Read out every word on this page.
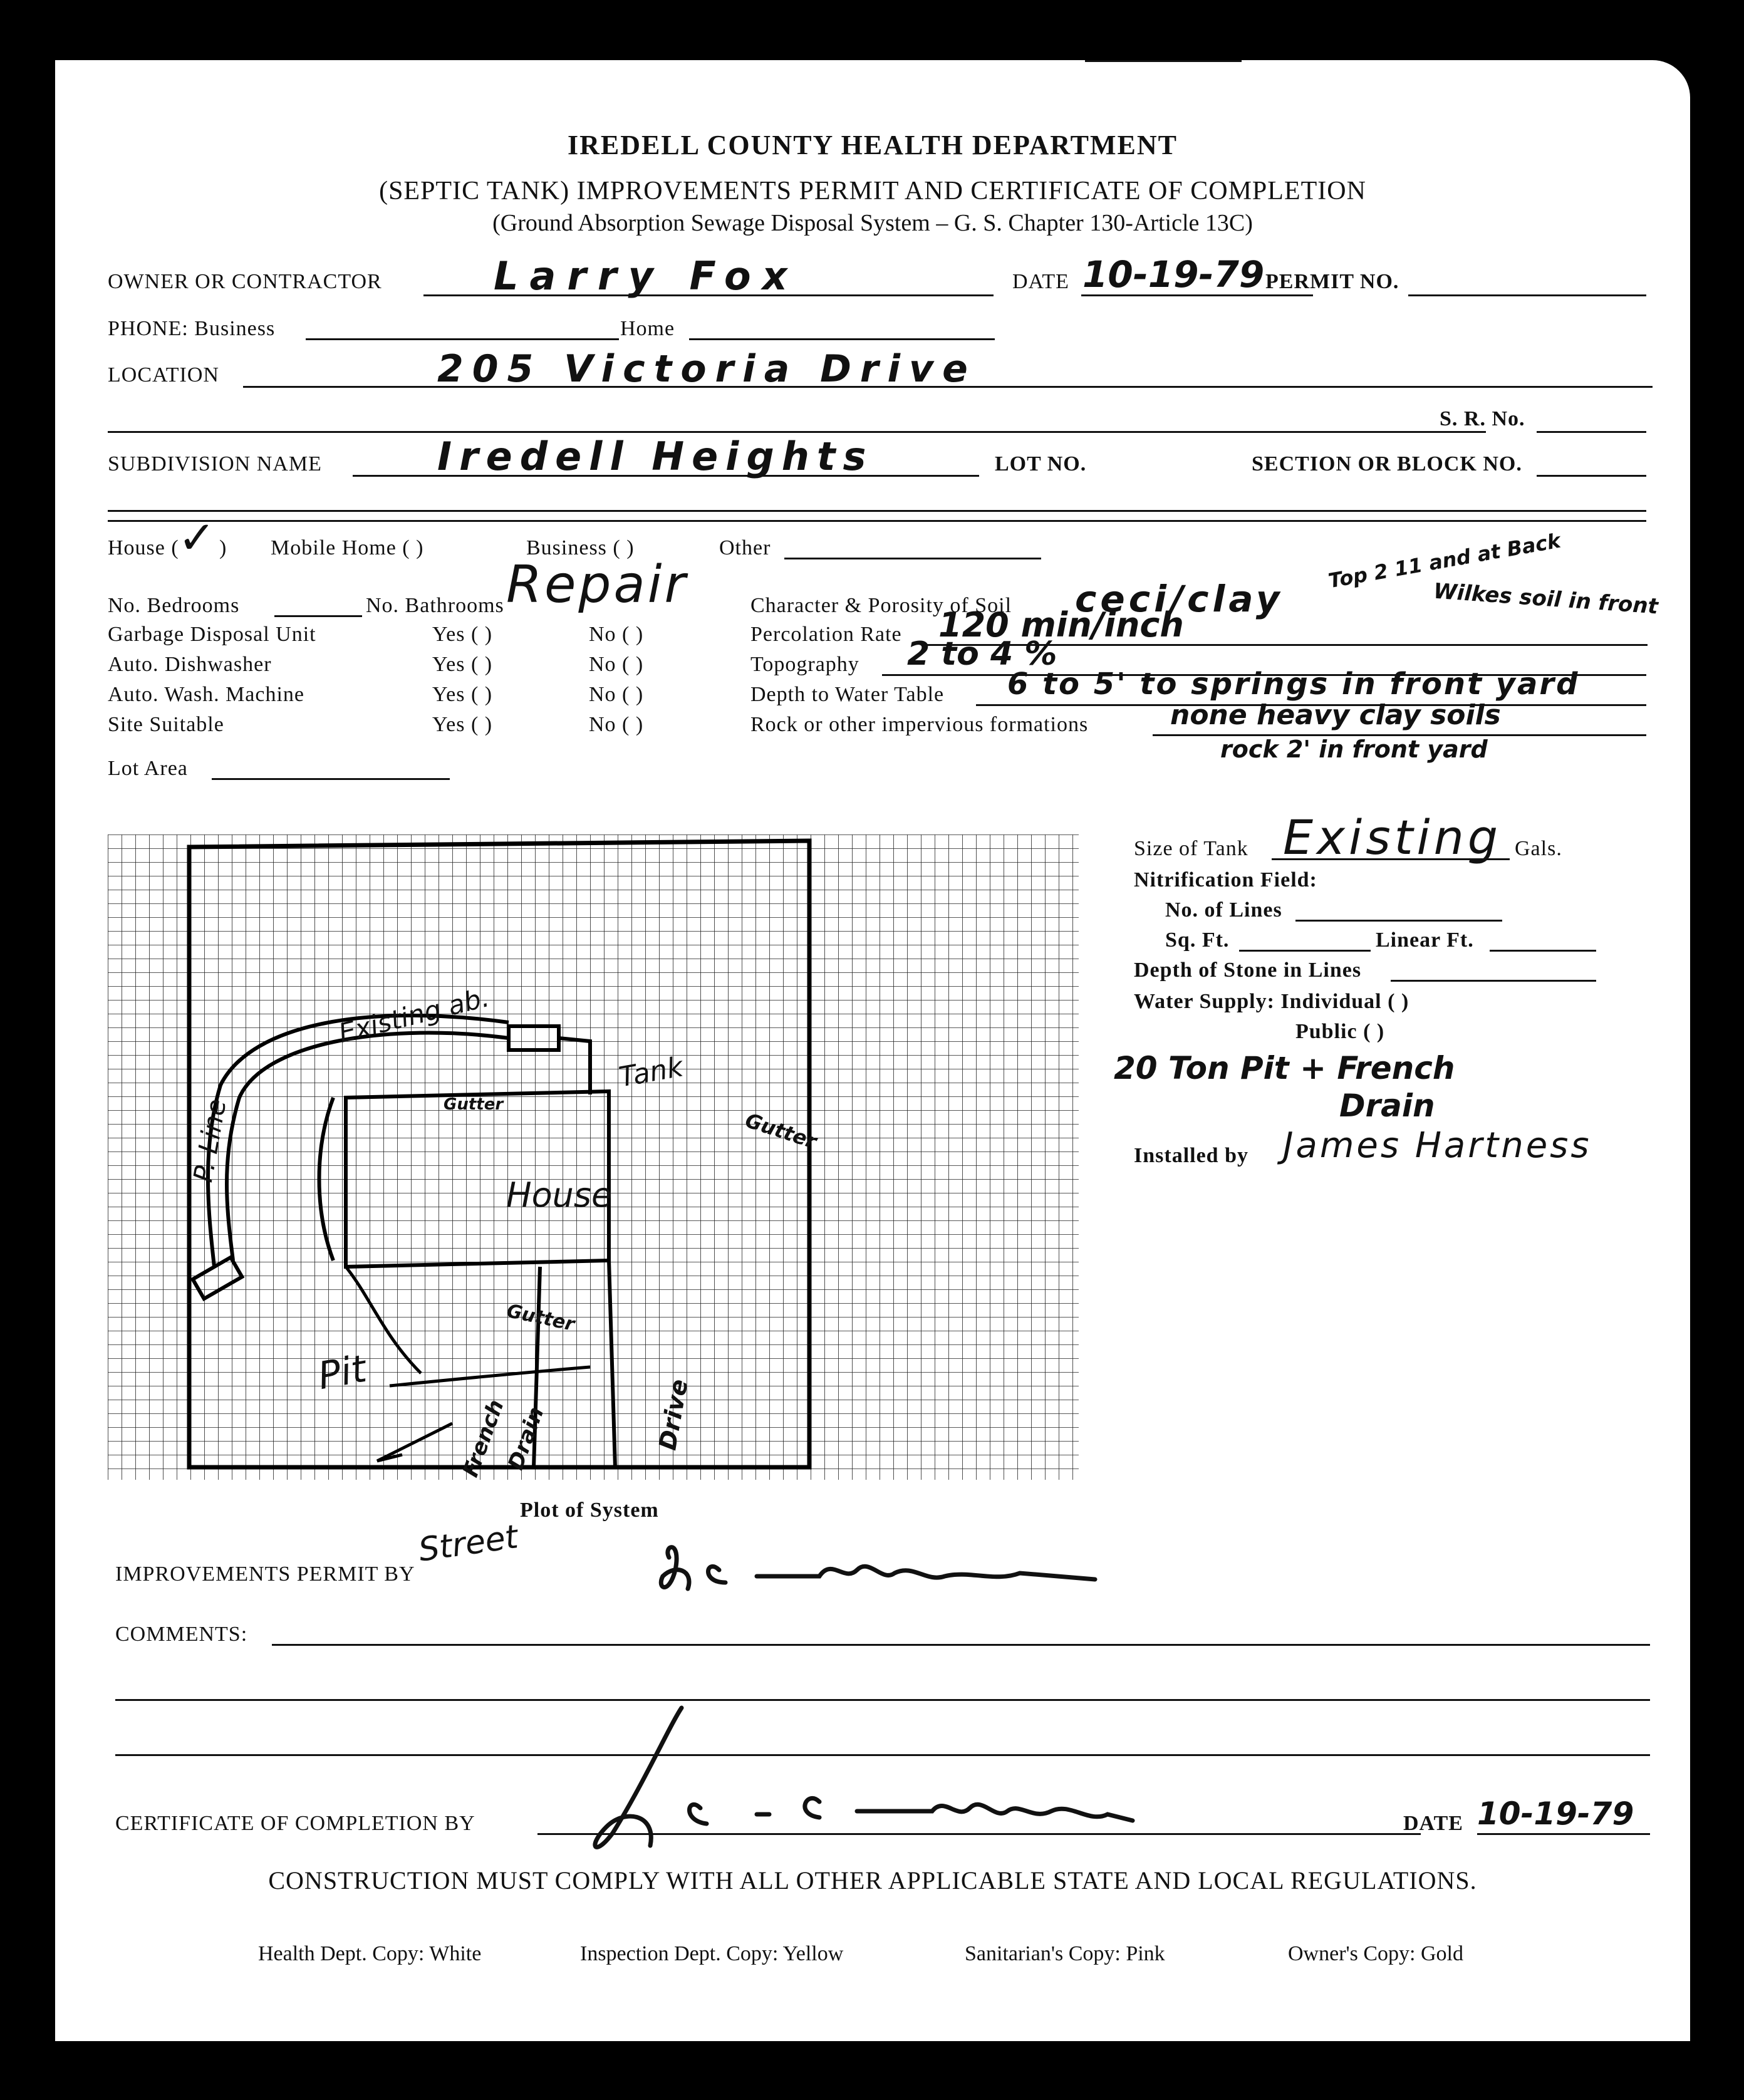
IREDELL COUNTY HEALTH DEPARTMENT
(SEPTIC TANK) IMPROVEMENTS PERMIT AND CERTIFICATE OF COMPLETION
(Ground Absorption Sewage Disposal System – G. S. Chapter 130-Article 13C)
OWNER OR CONTRACTOR	Larry Fox	DATE 10-19-79 PERMIT NO.
PHONE: Business	Home
LOCATION	205 Victoria Drive
S. R. No.
SUBDIVISION NAME	Iredell Heights	LOT NO.	SECTION OR BLOCK NO.
House (
✓ ) Mobile Home ( )	Business ( )	Other
Repair
No. Bedrooms	No. Bathrooms
Garbage Disposal Unit	Yes ( )	No ( )
Auto. Dishwasher	Yes ( )	No ( )
Auto. Wash. Machine	Yes ( )	No ( )
Site Suitable	Yes ( )	No ( )
Lot Area
Character & Porosity of Soil ceci/clay
Top 2 11 and at Back
Wilkes soil in front
Percolation Rate 120 min/inch
Topography 2 to 4 %
Depth to Water Table 6 to 5' to springs in front yard
Rock or other impervious formations	none heavy clay soils
rock 2' in front yard
Size of Tank Existing Gals.
Nitrification Field:
No. of Lines
Sq. Ft.	Linear Ft.
Depth of Stone in Lines
Water Supply: Individual ( )
Public ( )
20 Ton Pit + French
Drain
Installed by James Hartness
Existing ab.
Tank
Gutter
Gutter
House
Gutter
Pit
French
Drain	Drive
P. Line
Plot of System
Street
IMPROVEMENTS PERMIT BY
COMMENTS:
CERTIFICATE OF COMPLETION BY	DATE 10-19-79
CONSTRUCTION MUST COMPLY WITH ALL OTHER APPLICABLE STATE AND LOCAL REGULATIONS.
Health Dept. Copy: White	Inspection Dept. Copy: Yellow	Sanitarian's Copy: Pink	Owner's Copy: Gold
